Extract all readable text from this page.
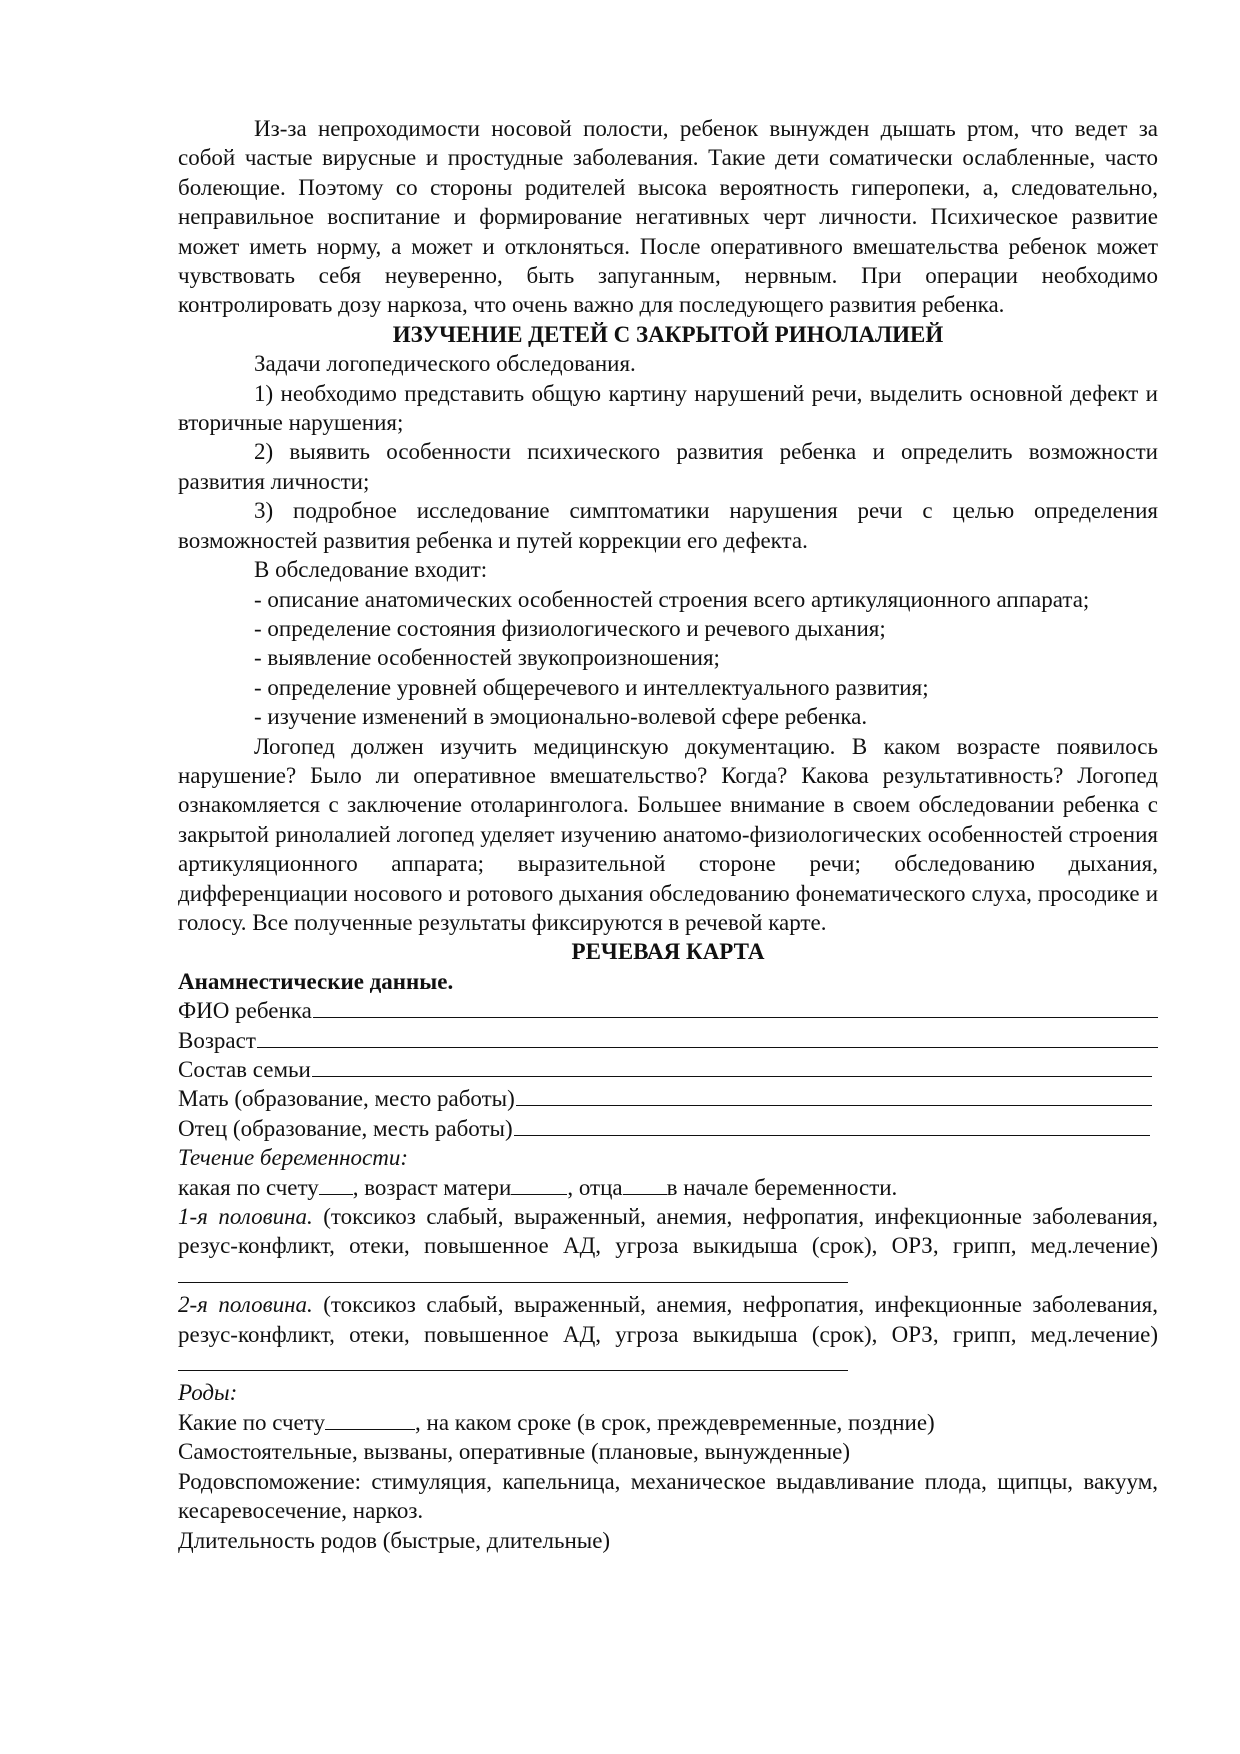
Из-за непроходимости носовой полости, ребенок вынужден дышать ртом, что ведет за собой частые вирусные и простудные заболевания. Такие дети соматически ослабленные, часто болеющие. Поэтому со стороны родителей высока вероятность гиперопеки, а, следовательно, неправильное воспитание и формирование негативных черт личности. Психическое развитие может иметь норму, а может и отклоняться. После оперативного вмешательства ребенок может чувствовать себя неуверенно, быть запуганным, нервным. При операции необходимо контролировать дозу наркоза, что очень важно для последующего развития ребенка.

ИЗУЧЕНИЕ ДЕТЕЙ С ЗАКРЫТОЙ РИНОЛАЛИЕЙ

Задачи логопедического обследования.

1) необходимо представить общую картину нарушений речи, выделить основной дефект и вторичные нарушения;

2) выявить особенности психического развития ребенка и определить возможности развития личности;

3) подробное исследование симптоматики нарушения речи с целью определения возможностей развития ребенка и путей коррекции его дефекта.

В обследование входит:

- описание анатомических особенностей строения всего артикуляционного аппарата;

- определение состояния физиологического и речевого дыхания;

- выявление особенностей звукопроизношения;

- определение уровней общеречевого и интеллектуального развития;

- изучение изменений в эмоционально-волевой сфере ребенка.

Логопед должен изучить медицинскую документацию. В каком возрасте появилось нарушение? Было ли оперативное вмешательство? Когда? Какова результативность? Логопед ознакомляется с заключение отоларинголога. Большее внимание в своем обследовании ребенка с закрытой ринолалией логопед уделяет изучению анатомо-физиологических особенностей строения артикуляционного аппарата; выразительной стороне речи; обследованию дыхания, дифференциации носового и ротового дыхания обследованию фонематического слуха, просодике и голосу. Все полученные результаты фиксируются в речевой карте.

РЕЧЕВАЯ КАРТА

Анамнестические данные.

ФИО ребенка
Возраст
Состав семьи
Мать (образование, место работы)
Отец (образование, месть работы)

Течение беременности:

какая по счету , возраст матери , отца в начале беременности.

1-я половина. (токсикоз слабый, выраженный, анемия, нефропатия, инфекционные заболевания, резус-конфликт, отеки, повышенное АД, угроза выкидыша (срок), ОРЗ, грипп, мед.лечение)

2-я половина. (токсикоз слабый, выраженный, анемия, нефропатия, инфекционные заболевания, резус-конфликт, отеки, повышенное АД, угроза выкидыша (срок), ОРЗ, грипп, мед.лечение)

Роды:

Какие по счету	, на каком сроке (в срок, преждевременные, поздние)

Самостоятельные, вызваны, оперативные (плановые, вынужденные)

Родовспоможение: стимуляция, капельница, механическое выдавливание плода, щипцы, вакуум, кесаревосечение, наркоз.

Длительность родов (быстрые, длительные)
